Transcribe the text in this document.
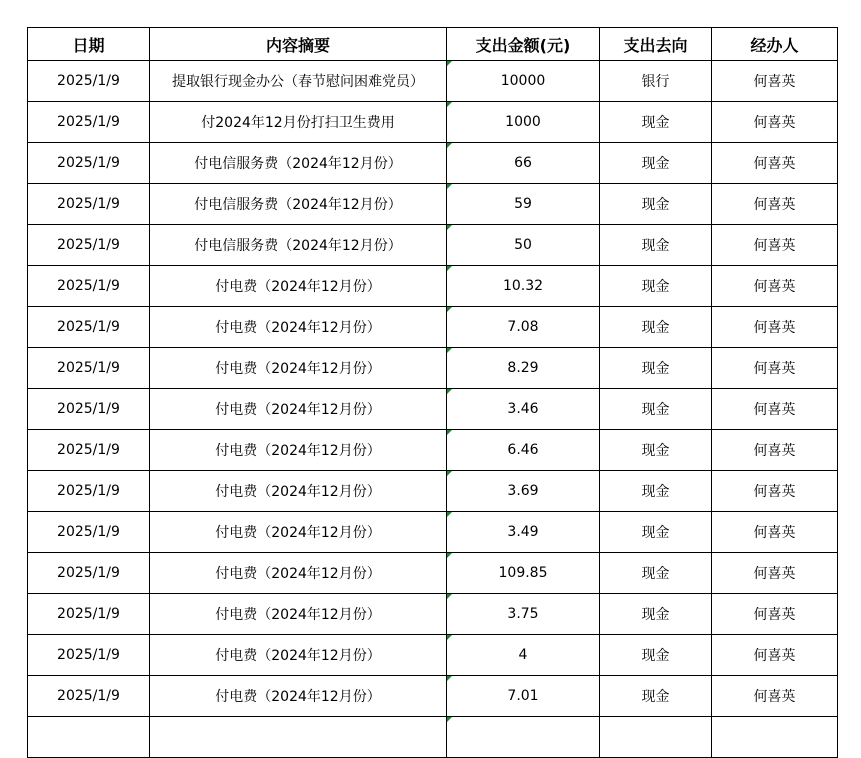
日期	内容摘要	支出金额(元)	支出去向	经办人
2025/1/9	提取银行现金办公（春节慰问困难党员）	10000	银行	何喜英
2025/1/9	付2024年12月份打扫卫生费用	1000	现金	何喜英
2025/1/9	付电信服务费（2024年12月份）	66	现金	何喜英
2025/1/9	付电信服务费（2024年12月份）	59	现金	何喜英
2025/1/9	付电信服务费（2024年12月份）	50	现金	何喜英
2025/1/9	付电费（2024年12月份）	10.32	现金	何喜英
2025/1/9	付电费（2024年12月份）	7.08	现金	何喜英
2025/1/9	付电费（2024年12月份）	8.29	现金	何喜英
2025/1/9	付电费（2024年12月份）	3.46	现金	何喜英
2025/1/9	付电费（2024年12月份）	6.46	现金	何喜英
2025/1/9	付电费（2024年12月份）	3.69	现金	何喜英
2025/1/9	付电费（2024年12月份）	3.49	现金	何喜英
2025/1/9	付电费（2024年12月份）	109.85	现金	何喜英
2025/1/9	付电费（2024年12月份）	3.75	现金	何喜英
2025/1/9	付电费（2024年12月份）	4	现金	何喜英
2025/1/9	付电费（2024年12月份）	7.01	现金	何喜英
